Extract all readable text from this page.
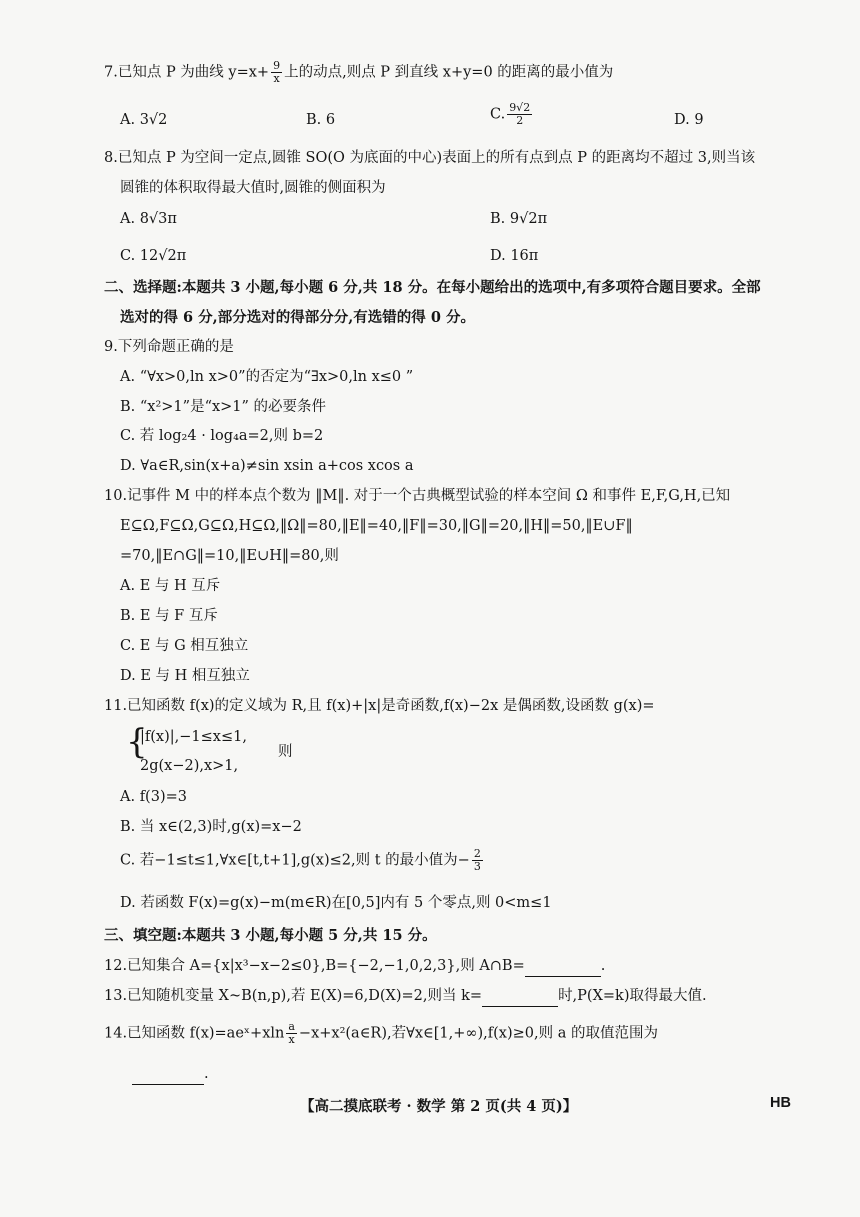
7.已知点 P 为曲线 $y=x+ \frac{9}{x}$ 上的动点,则点 P 到直线 x+y=0 的距离的最小值为
A. 3√2	B. 6	C. $\frac{9√2}{2}$	D. 9
8.已知点 P 为空间一定点,圆锥 SO(O 为底面的中心)表面上的所有点到点 P 的距离均不超过 3,则当该
圆锥的体积取得最大值时,圆锥的侧面积为
A. 8√3π	B. 9√2π
C. 12√2π	D. 16π
二、选择题:本题共 3 小题,每小题 6 分,共 18 分。在每小题给出的选项中,有多项符合题目要求。全部
选对的得 6 分,部分选对的得部分分,有选错的得 0 分。
9.下列命题正确的是
A. “∀x>0,ln x>0”的否定为“∃x>0,ln x≤0 ”
B. “x²>1”是“x>1” 的必要条件
C. 若 log₂4 · log₄a=2,则 b=2
D. ∀a∈R,sin(x+a)≠sin xsin a+cos xcos a
10.记事件 M 中的样本点个数为 ‖M‖. 对于一个古典概型试验的样本空间 Ω 和事件 E,F,G,H,已知
E⊆Ω,F⊆Ω,G⊆Ω,H⊆Ω,‖Ω‖=80,‖E‖=40,‖F‖=30,‖G‖=20,‖H‖=50,‖E∪F‖
=70,‖E∩G‖=10,‖E∪H‖=80,则
A. E 与 H 互斥
B. E 与 F 互斥
C. E 与 G 相互独立
D. E 与 H 相互独立
11.已知函数 f(x)的定义域为 R,且 f(x)+|x|是奇函数,f(x)−2x 是偶函数,设函数 g(x)=
{
|f(x)|,−1≤x≤1,
2g(x−2),x>1,
则
A. f(3)=3
B. 当 x∈(2,3)时,g(x)=x−2
C. 若−1≤t≤1,∀x∈[t,t+1],g(x)≤2,则 t 的最小值为− $\frac{2}{3}$
D. 若函数 F(x)=g(x)−m(m∈R)在[0,5]内有 5 个零点,则 0<m≤1
三、填空题:本题共 3 小题,每小题 5 分,共 15 分。
12.已知集合 A={x|x³−x−2≤0},B={−2,−1,0,2,3},则 A∩B=	.
13.已知随机变量 X~B(n,p),若 E(X)=6,D(X)=2,则当 k=	时,P(X=k)取得最大值.
14.已知函数 f(x)=aeˣ+xln $\frac{a}{x}$ −x+x²(a∈R),若∀x∈[1,+∞),f(x)≥0,则 a 的取值范围为
.
【高二摸底联考 · 数学 第 2 页(共 4 页)】	HB
